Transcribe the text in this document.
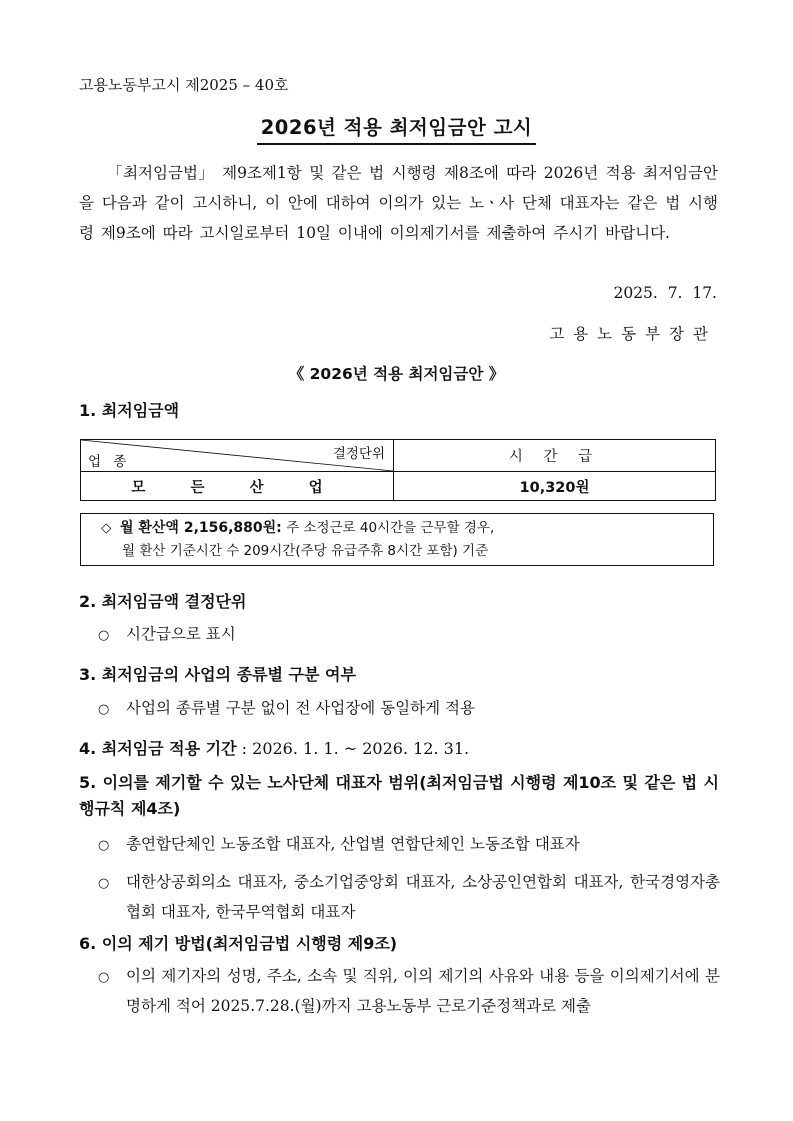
고용노동부고시 제2025 – 40호
2026년 적용 최저임금안 고시
「최저임금법」 제9조제1항 및 같은 법 시행령 제8조에 따라 2026년 적용 최저임금안을 다음과 같이 고시하니, 이 안에 대하여 이의가 있는 노ㆍ사 단체 대표자는 같은 법 시행령 제9조에 따라 고시일로부터 10일 이내에 이의제기서를 제출하여 주시기 바랍니다.
2025.  7.  17.
고용노동부장관
《 2026년 적용 최저임금안 》
1. 최저임금액
결정단위
업 종	시 간 급
모 든 산 업	10,320원
◇ 월 환산액 2,156,880원: 주 소정근로 40시간을 근무할 경우,
월 환산 기준시간 수 209시간(주당 유급주휴 8시간 포함) 기준
2. 최저임금액 결정단위
○ 시간급으로 표시
3. 최저임금의 사업의 종류별 구분 여부
○ 사업의 종류별 구분 없이 전 사업장에 동일하게 적용
4. 최저임금 적용 기간 : 2026. 1. 1. ~ 2026. 12. 31.
5. 이의를 제기할 수 있는 노사단체 대표자 범위(최저임금법 시행령 제10조 및 같은 법 시행규칙 제4조)
○ 총연합단체인 노동조합 대표자, 산업별 연합단체인 노동조합 대표자
○ 대한상공회의소 대표자, 중소기업중앙회 대표자, 소상공인연합회 대표자, 한국경영자총협회 대표자, 한국무역협회 대표자
6. 이의 제기 방법(최저임금법 시행령 제9조)
○ 이의 제기자의 성명, 주소, 소속 및 직위, 이의 제기의 사유와 내용 등을 이의제기서에 분명하게 적어 2025.7.28.(월)까지 고용노동부 근로기준정책과로 제출
